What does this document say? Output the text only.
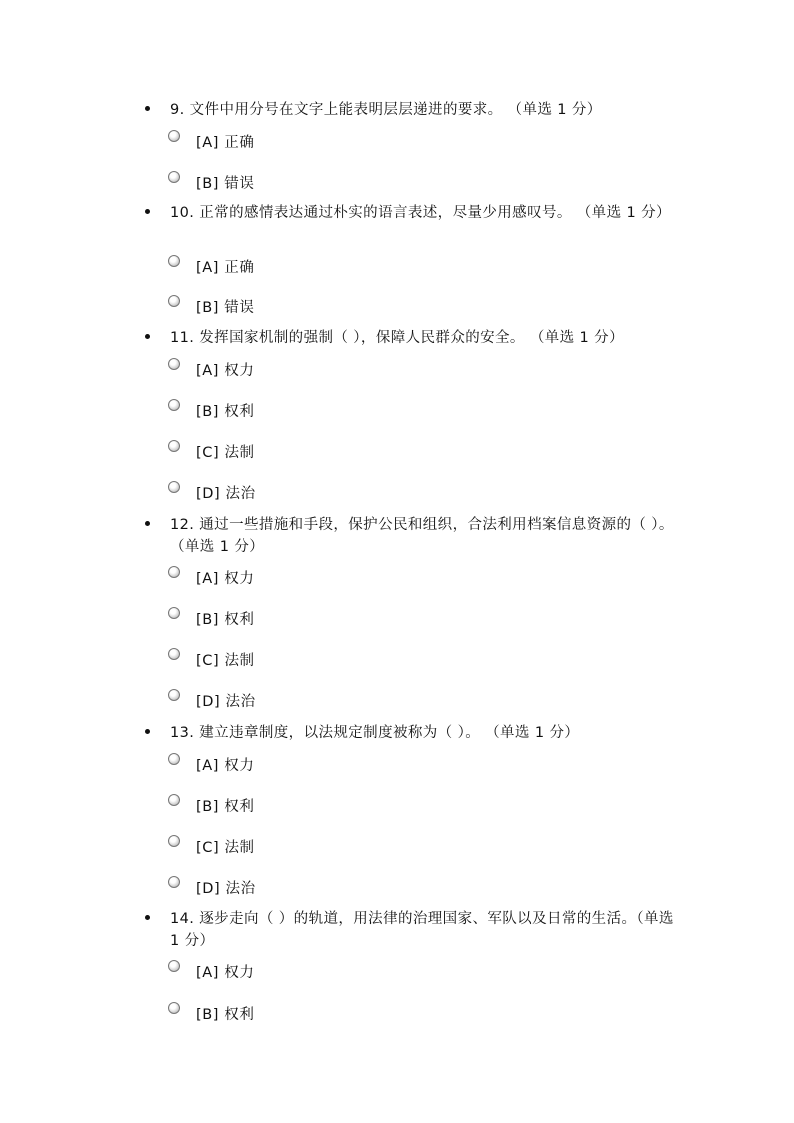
9. 文件中用分号在文字上能表明层层递进的要求。 （单选 1 分）
[A] 正确
[B] 错误
10. 正常的感情表达通过朴实的语言表述，尽量少用感叹号。 （单选 1 分）
[A] 正确
[B] 错误
11. 发挥国家机制的强制（ ），保障人民群众的安全。 （单选 1 分）
[A] 权力
[B] 权利
[C] 法制
[D] 法治
12. 通过一些措施和手段，保护公民和组织，合法利用档案信息资源的（ ）。 （单选 1 分）
[A] 权力
[B] 权利
[C] 法制
[D] 法治
13. 建立违章制度，以法规定制度被称为（ ）。 （单选 1 分）
[A] 权力
[B] 权利
[C] 法制
[D] 法治
14. 逐步走向（ ）的轨道，用法律的治理国家、军队以及日常的生活。（单选 1 分）
[A] 权力
[B] 权利
